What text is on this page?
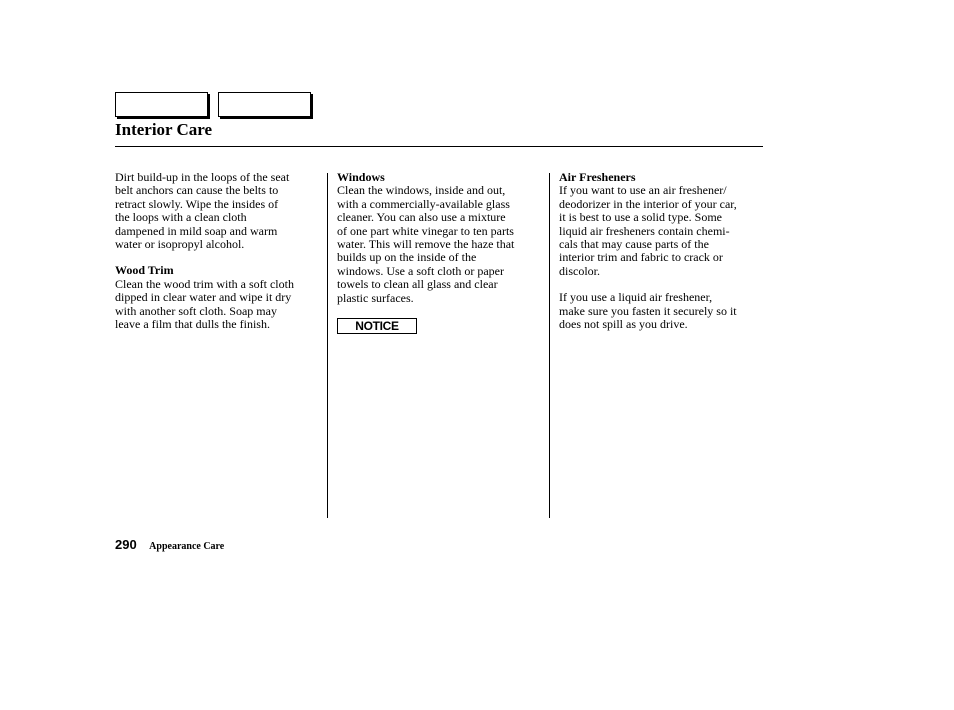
Interior Care
Dirt build-up in the loops of the seat
belt anchors can cause the belts to
retract slowly. Wipe the insides of
the loops with a clean cloth
dampened in mild soap and warm
water or isopropyl alcohol.
Wood Trim
Clean the wood trim with a soft cloth
dipped in clear water and wipe it dry
with another soft cloth. Soap may
leave a film that dulls the finish.
Windows
Clean the windows, inside and out,
with a commercially-available glass
cleaner. You can also use a mixture
of one part white vinegar to ten parts
water. This will remove the haze that
builds up on the inside of the
windows. Use a soft cloth or paper
towels to clean all glass and clear
plastic surfaces.
NOTICE
Air Fresheners
If you want to use an air freshener/
deodorizer in the interior of your car,
it is best to use a solid type. Some
liquid air fresheners contain chemi-
cals that may cause parts of the
interior trim and fabric to crack or
discolor.
If you use a liquid air freshener,
make sure you fasten it securely so it
does not spill as you drive.
290 Appearance Care
